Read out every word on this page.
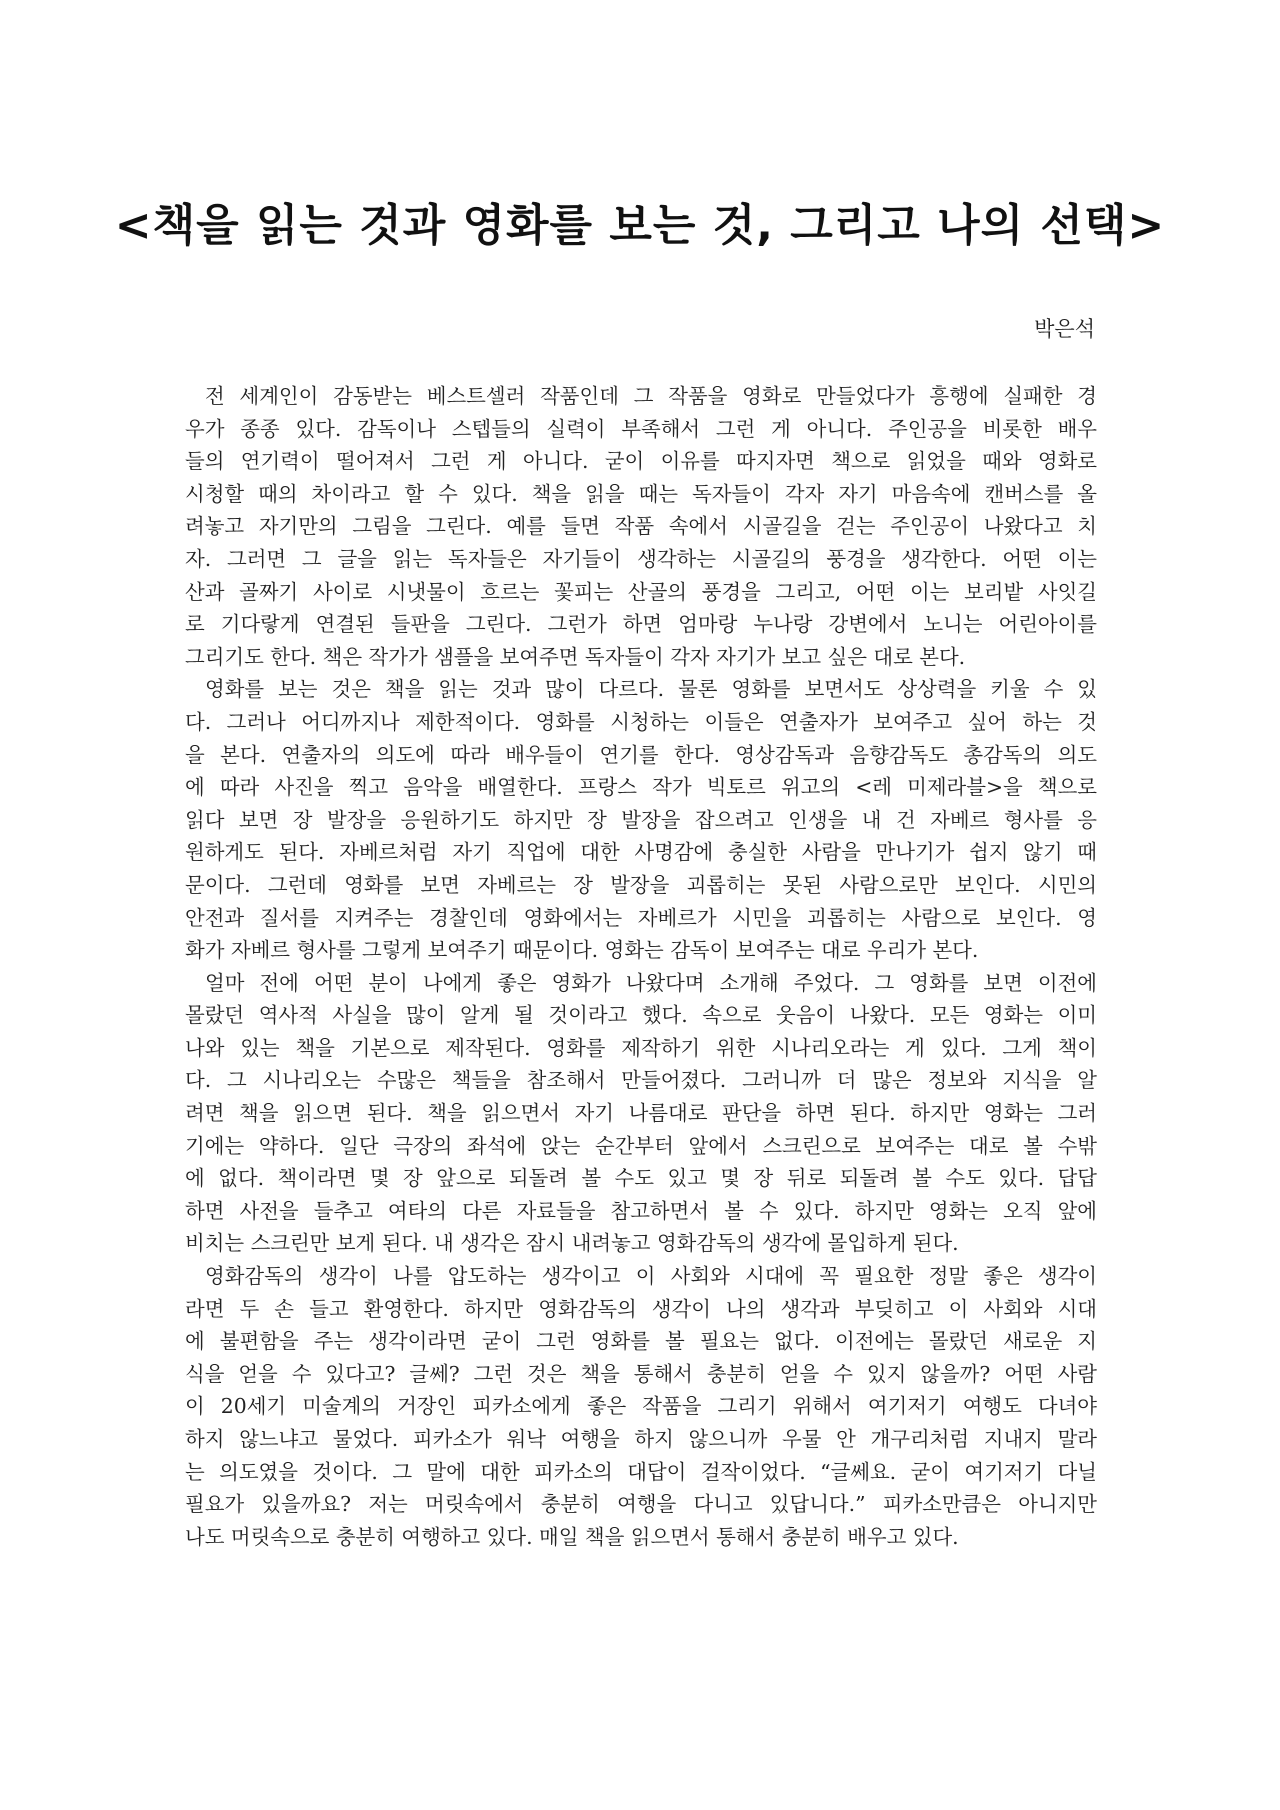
<책을 읽는 것과 영화를 보는 것, 그리고 나의 선택>

박은석

전 세계인이 감동받는 베스트셀러 작품인데 그 작품을 영화로 만들었다가 흥행에 실패한 경
우가 종종 있다. 감독이나 스텝들의 실력이 부족해서 그런 게 아니다. 주인공을 비롯한 배우
들의 연기력이 떨어져서 그런 게 아니다. 굳이 이유를 따지자면 책으로 읽었을 때와 영화로
시청할 때의 차이라고 할 수 있다. 책을 읽을 때는 독자들이 각자 자기 마음속에 캔버스를 올
려놓고 자기만의 그림을 그린다. 예를 들면 작품 속에서 시골길을 걷는 주인공이 나왔다고 치
자. 그러면 그 글을 읽는 독자들은 자기들이 생각하는 시골길의 풍경을 생각한다. 어떤 이는
산과 골짜기 사이로 시냇물이 흐르는 꽃피는 산골의 풍경을 그리고, 어떤 이는 보리밭 사잇길
로 기다랗게 연결된 들판을 그린다. 그런가 하면 엄마랑 누나랑 강변에서 노니는 어린아이를
그리기도 한다. 책은 작가가 샘플을 보여주면 독자들이 각자 자기가 보고 싶은 대로 본다.

영화를 보는 것은 책을 읽는 것과 많이 다르다. 물론 영화를 보면서도 상상력을 키울 수 있
다. 그러나 어디까지나 제한적이다. 영화를 시청하는 이들은 연출자가 보여주고 싶어 하는 것
을 본다. 연출자의 의도에 따라 배우들이 연기를 한다. 영상감독과 음향감독도 총감독의 의도
에 따라 사진을 찍고 음악을 배열한다. 프랑스 작가 빅토르 위고의 <레 미제라블>을 책으로
읽다 보면 장 발장을 응원하기도 하지만 장 발장을 잡으려고 인생을 내 건 자베르 형사를 응
원하게도 된다. 자베르처럼 자기 직업에 대한 사명감에 충실한 사람을 만나기가 쉽지 않기 때
문이다. 그런데 영화를 보면 자베르는 장 발장을 괴롭히는 못된 사람으로만 보인다. 시민의
안전과 질서를 지켜주는 경찰인데 영화에서는 자베르가 시민을 괴롭히는 사람으로 보인다. 영
화가 자베르 형사를 그렇게 보여주기 때문이다. 영화는 감독이 보여주는 대로 우리가 본다.

얼마 전에 어떤 분이 나에게 좋은 영화가 나왔다며 소개해 주었다. 그 영화를 보면 이전에
몰랐던 역사적 사실을 많이 알게 될 것이라고 했다. 속으로 웃음이 나왔다. 모든 영화는 이미
나와 있는 책을 기본으로 제작된다. 영화를 제작하기 위한 시나리오라는 게 있다. 그게 책이
다. 그 시나리오는 수많은 책들을 참조해서 만들어졌다. 그러니까 더 많은 정보와 지식을 알
려면 책을 읽으면 된다. 책을 읽으면서 자기 나름대로 판단을 하면 된다. 하지만 영화는 그러
기에는 약하다. 일단 극장의 좌석에 앉는 순간부터 앞에서 스크린으로 보여주는 대로 볼 수밖
에 없다. 책이라면 몇 장 앞으로 되돌려 볼 수도 있고 몇 장 뒤로 되돌려 볼 수도 있다. 답답
하면 사전을 들추고 여타의 다른 자료들을 참고하면서 볼 수 있다. 하지만 영화는 오직 앞에
비치는 스크린만 보게 된다. 내 생각은 잠시 내려놓고 영화감독의 생각에 몰입하게 된다.

영화감독의 생각이 나를 압도하는 생각이고 이 사회와 시대에 꼭 필요한 정말 좋은 생각이
라면 두 손 들고 환영한다. 하지만 영화감독의 생각이 나의 생각과 부딪히고 이 사회와 시대
에 불편함을 주는 생각이라면 굳이 그런 영화를 볼 필요는 없다. 이전에는 몰랐던 새로운 지
식을 얻을 수 있다고? 글쎄? 그런 것은 책을 통해서 충분히 얻을 수 있지 않을까? 어떤 사람
이 20세기 미술계의 거장인 피카소에게 좋은 작품을 그리기 위해서 여기저기 여행도 다녀야
하지 않느냐고 물었다. 피카소가 워낙 여행을 하지 않으니까 우물 안 개구리처럼 지내지 말라
는 의도였을 것이다. 그 말에 대한 피카소의 대답이 걸작이었다. “글쎄요. 굳이 여기저기 다닐
필요가 있을까요? 저는 머릿속에서 충분히 여행을 다니고 있답니다.” 피카소만큼은 아니지만
나도 머릿속으로 충분히 여행하고 있다. 매일 책을 읽으면서 통해서 충분히 배우고 있다.
